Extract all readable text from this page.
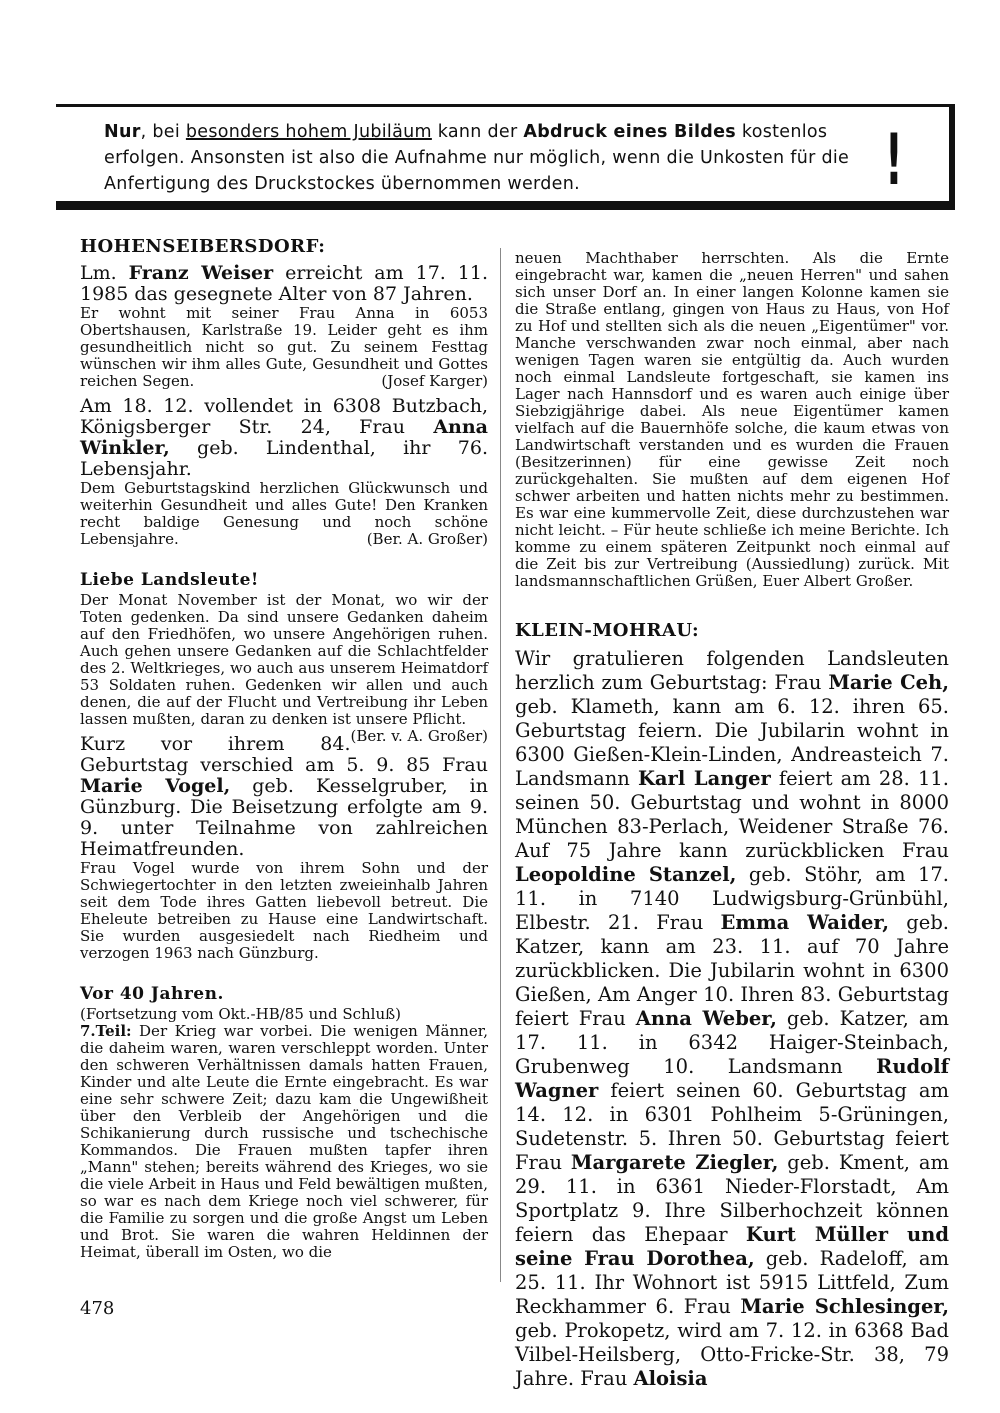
Nur, bei besonders hohem Jubiläum kann der Abdruck eines Bildes kostenlos erfolgen. Ansonsten ist also die Aufnahme nur möglich, wenn die Unkosten für die Anfertigung des Druckstockes übernommen werden.	!
HOHENSEIBERSDORF:

Lm. Franz Weiser erreicht am 17. 11. 1985 das gesegnete Alter von 87 Jahren.

Er wohnt mit seiner Frau Anna in 6053 Obertshausen, Karlstraße 19. Leider geht es ihm gesundheitlich nicht so gut. Zu seinem Festtag wünschen wir ihm alles Gute, Gesundheit und Gottes reichen Segen.	(Josef Karger)

Am 18. 12. vollendet in 6308 Butzbach, Königsberger Str. 24, Frau Anna Winkler, geb. Lindenthal, ihr 76. Lebensjahr.

Dem Geburtstagskind herzlichen Glückwunsch und weiterhin Gesundheit und alles Gute! Den Kranken recht baldige Genesung und noch schöne Lebensjahre.	(Ber. A. Großer)

Liebe Landsleute!

Der Monat November ist der Monat, wo wir der Toten gedenken. Da sind unsere Gedanken daheim auf den Friedhöfen, wo unsere Angehörigen ruhen. Auch gehen unsere Gedanken auf die Schlachtfelder des 2. Weltkrieges, wo auch aus unserem Heimatdorf 53 Soldaten ruhen. Gedenken wir allen und auch denen, die auf der Flucht und Vertreibung ihr Leben lassen mußten, daran zu denken ist unsere Pflicht.
(Ber. v. A. Großer)

Kurz vor ihrem 84. Geburtstag verschied am 5. 9. 85 Frau Marie Vogel, geb. Kesselgruber, in Günzburg. Die Beisetzung erfolgte am 9. 9. unter Teilnahme von zahlreichen Heimatfreunden.

Frau Vogel wurde von ihrem Sohn und der Schwiegertochter in den letzten zweieinhalb Jahren seit dem Tode ihres Gatten liebevoll betreut. Die Eheleute betreiben zu Hause eine Landwirtschaft. Sie wurden ausgesiedelt nach Riedheim und verzogen 1963 nach Günzburg.

Vor 40 Jahren.

(Fortsetzung vom Okt.-HB/85 und Schluß)

7.Teil: Der Krieg war vorbei. Die wenigen Männer, die daheim waren, waren verschleppt worden. Unter den schweren Verhältnissen damals hatten Frauen, Kinder und alte Leute die Ernte eingebracht. Es war eine sehr schwere Zeit; dazu kam die Ungewißheit über den Verbleib der Angehörigen und die Schikanierung durch russische und tschechische Kommandos. Die Frauen mußten tapfer ihren „Mann" stehen; bereits während des Krieges, wo sie die viele Arbeit in Haus und Feld bewältigen mußten, so war es nach dem Kriege noch viel schwerer, für die Familie zu sorgen und die große Angst um Leben und Brot. Sie waren die wahren Heldinnen der Heimat, überall im Osten, wo die

neuen Machthaber herrschten. Als die Ernte eingebracht war, kamen die „neuen Herren" und sahen sich unser Dorf an. In einer langen Kolonne kamen sie die Straße entlang, gingen von Haus zu Haus, von Hof zu Hof und stellten sich als die neuen „Eigentümer" vor. Manche verschwanden zwar noch einmal, aber nach wenigen Tagen waren sie entgültig da. Auch wurden noch einmal Landsleute fortgeschaft, sie kamen ins Lager nach Hannsdorf und es waren auch einige über Siebzigjährige dabei. Als neue Eigentümer kamen vielfach auf die Bauernhöfe solche, die kaum etwas von Landwirtschaft verstanden und es wurden die Frauen (Besitzerinnen) für eine gewisse Zeit noch zurückgehalten. Sie mußten auf dem eigenen Hof schwer arbeiten und hatten nichts mehr zu bestimmen. Es war eine kummervolle Zeit, diese durchzustehen war nicht leicht. – Für heute schließe ich meine Berichte. Ich komme zu einem späteren Zeitpunkt noch einmal auf die Zeit bis zur Vertreibung (Aussiedlung) zurück. Mit landsmannschaftlichen Grüßen, Euer Albert Großer.

KLEIN-MOHRAU:

Wir gratulieren folgenden Landsleuten herzlich zum Geburtstag: Frau Marie Ceh, geb. Klameth, kann am 6. 12. ihren 65. Geburtstag feiern. Die Jubilarin wohnt in 6300 Gießen-Klein-Linden, Andreasteich 7. Landsmann Karl Langer feiert am 28. 11. seinen 50. Geburtstag und wohnt in 8000 München 83-Perlach, Weidener Straße 76. Auf 75 Jahre kann zurückblicken Frau Leopoldine Stanzel, geb. Stöhr, am 17. 11. in 7140 Ludwigsburg-Grünbühl, Elbestr. 21. Frau Emma Waider, geb. Katzer, kann am 23. 11. auf 70 Jahre zurückblicken. Die Jubilarin wohnt in 6300 Gießen, Am Anger 10. Ihren 83. Geburtstag feiert Frau Anna Weber, geb. Katzer, am 17. 11. in 6342 Haiger-Steinbach, Grubenweg 10. Landsmann Rudolf Wagner feiert seinen 60. Geburtstag am 14. 12. in 6301 Pohlheim 5-Grüningen, Sudetenstr. 5. Ihren 50. Geburtstag feiert Frau Margarete Ziegler, geb. Kment, am 29. 11. in 6361 Nieder-Florstadt, Am Sportplatz 9. Ihre Silberhochzeit können feiern das Ehepaar Kurt Müller und seine Frau Dorothea, geb. Radeloff, am 25. 11. Ihr Wohnort ist 5915 Littfeld, Zum Reckhammer 6. Frau Marie Schlesinger, geb. Prokopetz, wird am 7. 12. in 6368 Bad Vilbel-Heilsberg, Otto-Fricke-Str. 38, 79 Jahre. Frau Aloisia

478
